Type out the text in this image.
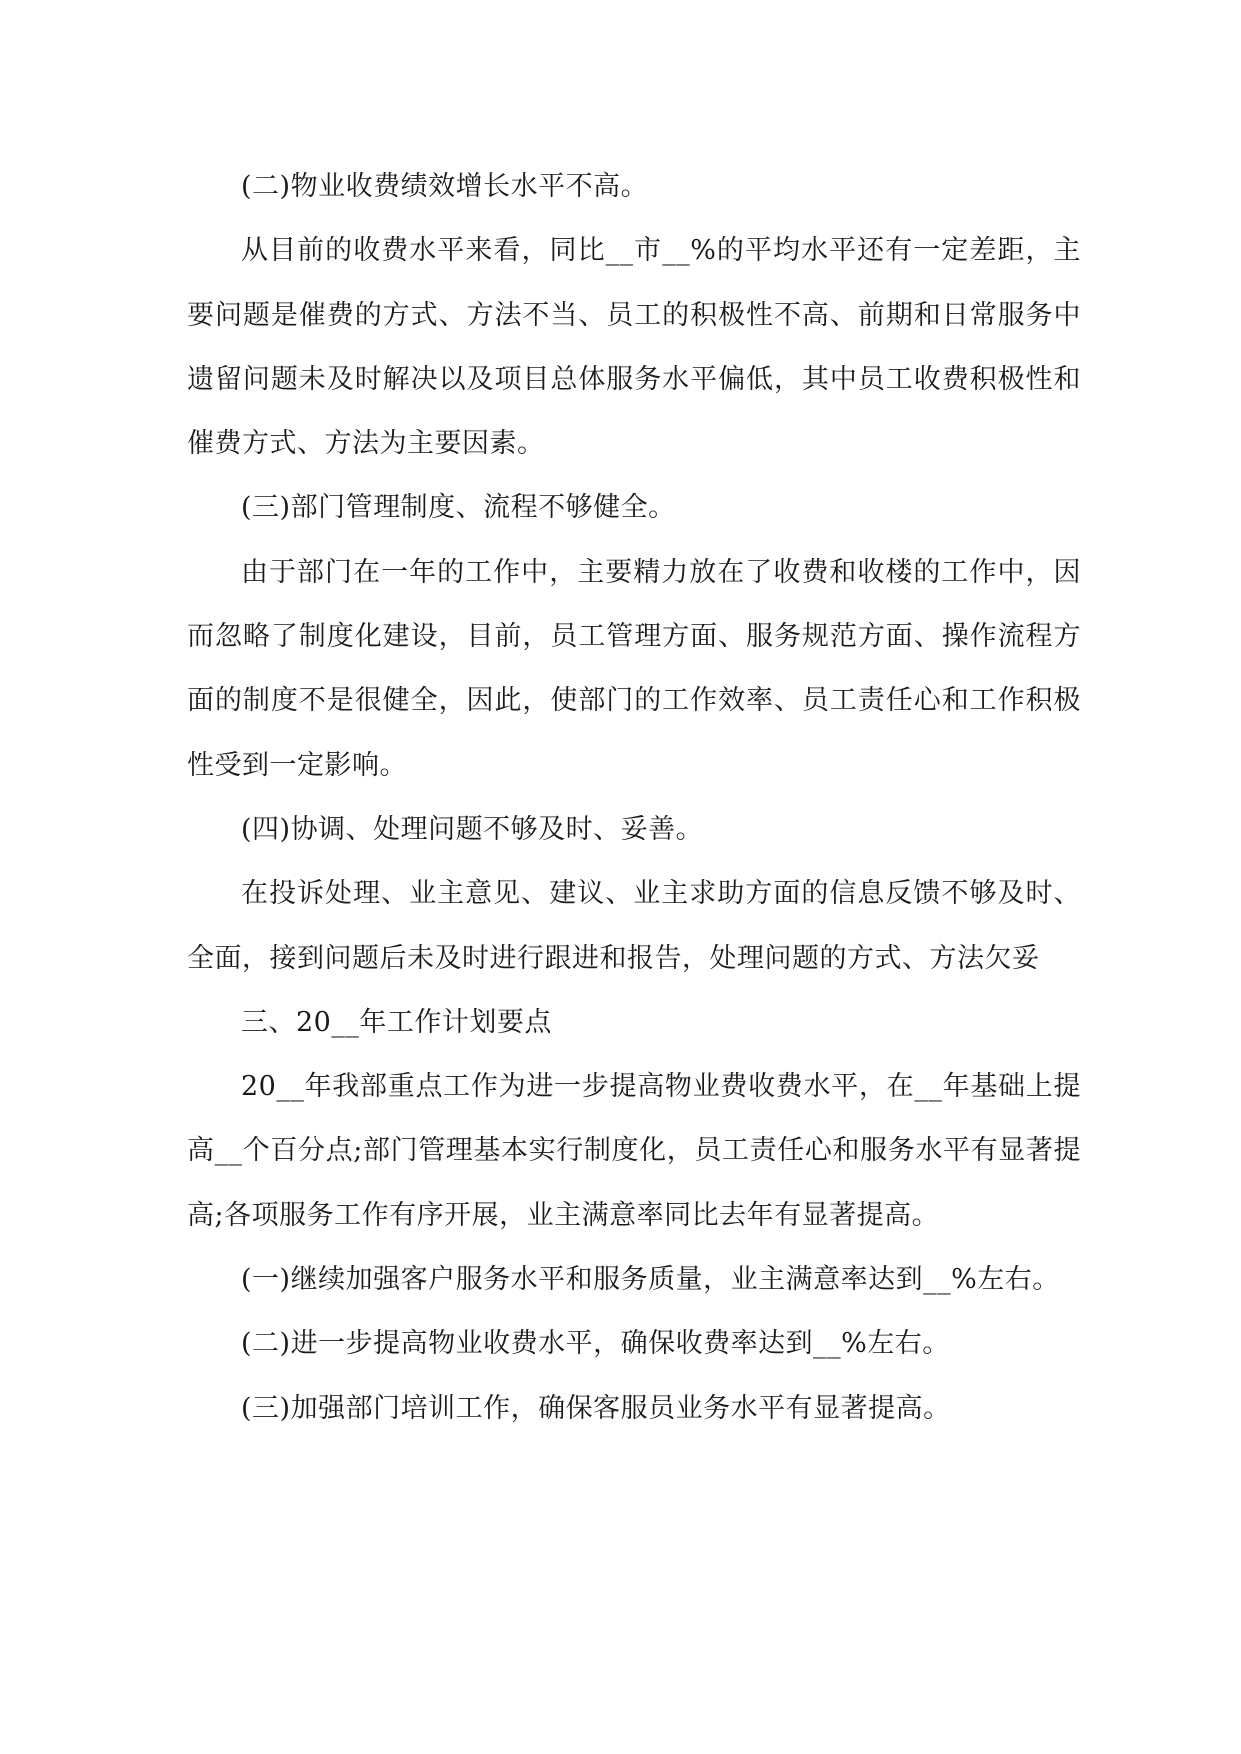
(二)物业收费绩效增长水平不高。

从目前的收费水平来看，同比__市__%的平均水平还有一定差距，主要问题是催费的方式、方法不当、员工的积极性不高、前期和日常服务中遗留问题未及时解决以及项目总体服务水平偏低，其中员工收费积极性和催费方式、方法为主要因素。

(三)部门管理制度、流程不够健全。

由于部门在一年的工作中，主要精力放在了收费和收楼的工作中，因而忽略了制度化建设，目前，员工管理方面、服务规范方面、操作流程方面的制度不是很健全，因此，使部门的工作效率、员工责任心和工作积极性受到一定影响。

(四)协调、处理问题不够及时、妥善。

在投诉处理、业主意见、建议、业主求助方面的信息反馈不够及时、全面，接到问题后未及时进行跟进和报告，处理问题的方式、方法欠妥

三、20__年工作计划要点

20__年我部重点工作为进一步提高物业费收费水平，在__年基础上提高__个百分点;部门管理基本实行制度化，员工责任心和服务水平有显著提高;各项服务工作有序开展，业主满意率同比去年有显著提高。

(一)继续加强客户服务水平和服务质量，业主满意率达到__%左右。

(二)进一步提高物业收费水平，确保收费率达到__%左右。

(三)加强部门培训工作，确保客服员业务水平有显著提高。
